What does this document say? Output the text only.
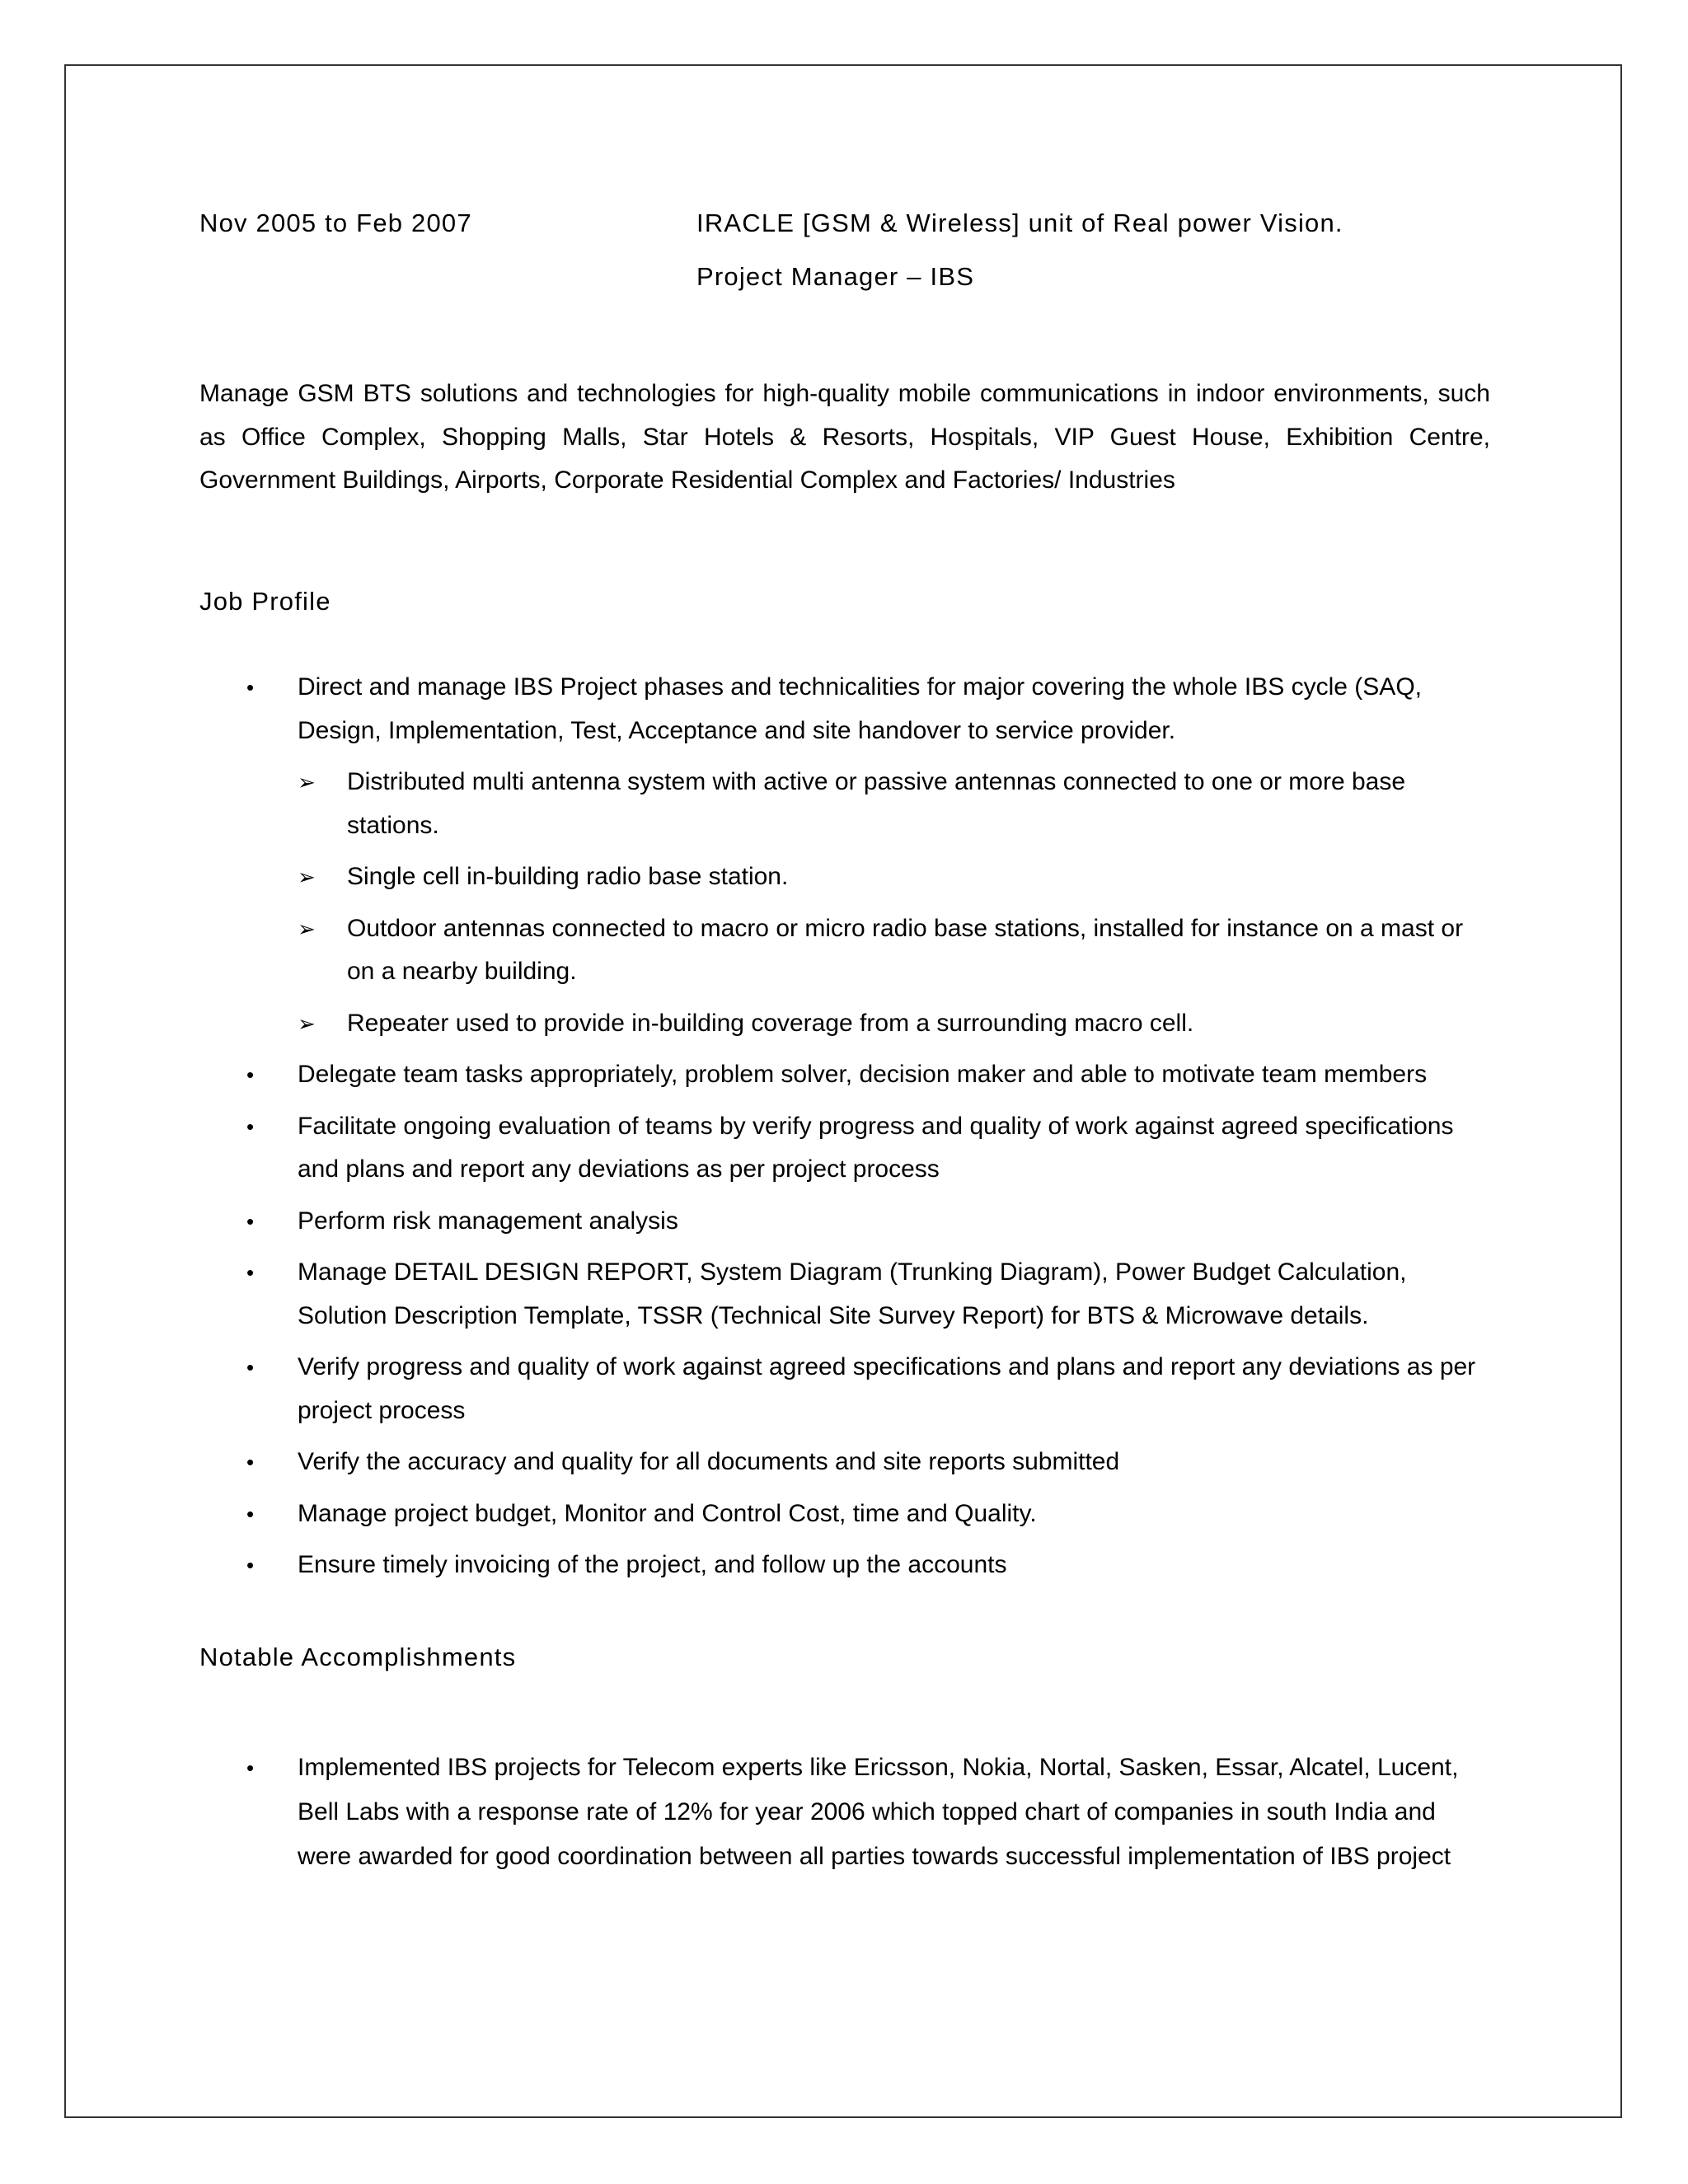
Nov 2005 to Feb 2007	IRACLE [GSM & Wireless] unit of Real power Vision.
Project Manager – IBS
Manage GSM BTS solutions and technologies for high-quality mobile communications in indoor environments, such as Office Complex, Shopping Malls, Star Hotels & Resorts, Hospitals, VIP Guest House, Exhibition Centre, Government Buildings, Airports, Corporate Residential Complex and Factories/ Industries
Job Profile
• Direct and manage IBS Project phases and technicalities for major covering the whole IBS cycle (SAQ, Design, Implementation, Test, Acceptance and site handover to service provider.
➢ Distributed multi antenna system with active or passive antennas connected to one or more base stations.
➢ Single cell in-building radio base station.
➢ Outdoor antennas connected to macro or micro radio base stations, installed for instance on a mast or on a nearby building.
➢ Repeater used to provide in-building coverage from a surrounding macro cell.
• Delegate team tasks appropriately, problem solver, decision maker and able to motivate team members
• Facilitate ongoing evaluation of teams by verify progress and quality of work against agreed specifications and plans and report any deviations as per project process
• Perform risk management analysis
• Manage DETAIL DESIGN REPORT, System Diagram (Trunking Diagram), Power Budget Calculation, Solution Description Template, TSSR (Technical Site Survey Report) for BTS & Microwave details.
• Verify progress and quality of work against agreed specifications and plans and report any deviations as per project process
• Verify the accuracy and quality for all documents and site reports submitted
• Manage project budget, Monitor and Control Cost, time and Quality.
• Ensure timely invoicing of the project, and follow up the accounts
Notable Accomplishments
• Implemented IBS projects for Telecom experts like Ericsson, Nokia, Nortal, Sasken, Essar, Alcatel, Lucent, Bell Labs with a response rate of 12% for year 2006 which topped chart of companies in south India and were awarded for good coordination between all parties towards successful implementation of IBS project
